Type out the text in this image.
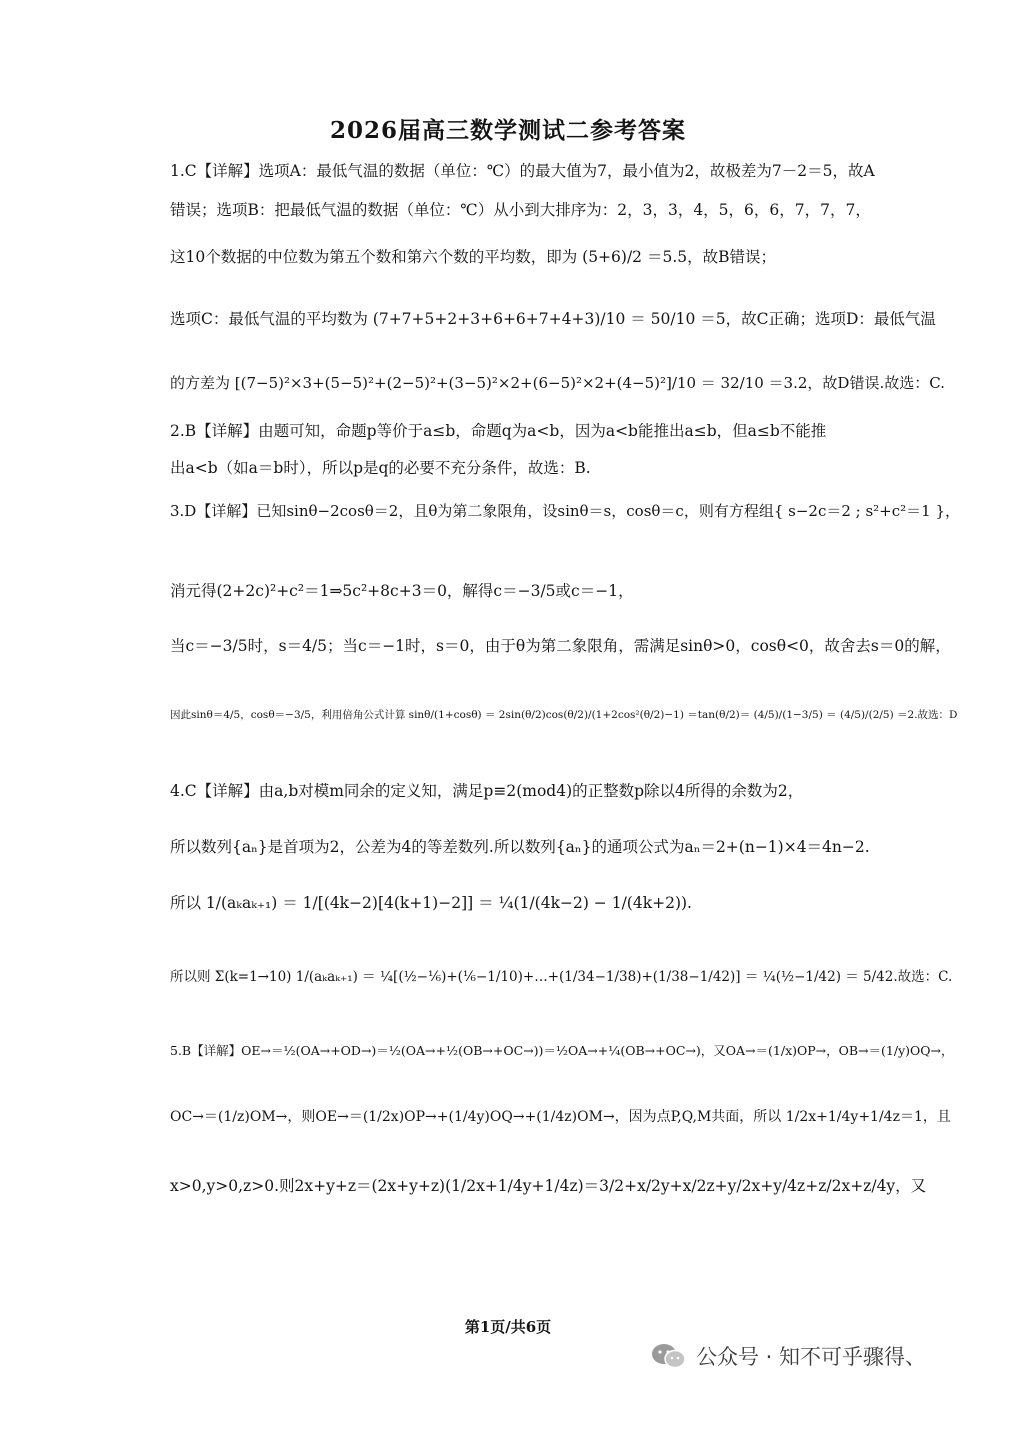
2026届高三数学测试二参考答案
1.C【详解】选项A：最低气温的数据（单位：℃）的最大值为7，最小值为2，故极差为7－2＝5，故A
错误；选项B：把最低气温的数据（单位：℃）从小到大排序为：2，3，3，4，5，6，6，7，7，7，
这10个数据的中位数为第五个数和第六个数的平均数，即为 (5+6)/2 ＝5.5，故B错误；
选项C：最低气温的平均数为 (7+7+5+2+3+6+6+7+4+3)/10 ＝ 50/10 ＝5，故C正确；选项D：最低气温
的方差为 [(7−5)²×3+(5−5)²+(2−5)²+(3−5)²×2+(6−5)²×2+(4−5)²]/10 ＝ 32/10 ＝3.2，故D错误.故选：C.
2.B【详解】由题可知，命题p等价于a≤b，命题q为a<b，因为a<b能推出a≤b，但a≤b不能推
出a<b（如a＝b时），所以p是q的必要不充分条件，故选：B.
3.D【详解】已知sinθ−2cosθ＝2，且θ为第二象限角，设sinθ＝s，cosθ＝c，则有方程组{ s−2c＝2 ; s²+c²＝1 }，
消元得(2+2c)²+c²＝1⇒5c²+8c+3＝0，解得c＝−3/5或c＝−1，
当c＝−3/5时，s＝4/5；当c＝−1时，s＝0，由于θ为第二象限角，需满足sinθ>0，cosθ<0，故舍去s＝0的解，
因此sinθ＝4/5，cosθ＝−3/5，利用倍角公式计算 sinθ/(1+cosθ) ＝ 2sin(θ/2)cos(θ/2)/(1+2cos²(θ/2)−1) ＝tan(θ/2)＝ (4/5)/(1−3/5) ＝ (4/5)/(2/5) ＝2.故选：D
4.C【详解】由a,b对模m同余的定义知，满足p≡2(mod4)的正整数p除以4所得的余数为2，
所以数列{aₙ}是首项为2，公差为4的等差数列.所以数列{aₙ}的通项公式为aₙ＝2+(n−1)×4＝4n−2.
所以 1/(aₖaₖ₊₁) ＝ 1/[(4k−2)[4(k+1)−2]] ＝ ¼(1/(4k−2) − 1/(4k+2)).
所以则 Σ(k=1→10) 1/(aₖaₖ₊₁) ＝ ¼[(½−⅙)+(⅙−1/10)+…+(1/34−1/38)+(1/38−1/42)] ＝ ¼(½−1/42) ＝ 5/42.故选：C.
5.B【详解】OE→＝½(OA→+OD→)＝½(OA→+½(OB→+OC→))＝½OA→+¼(OB→+OC→)，又OA→＝(1/x)OP→，OB→＝(1/y)OQ→，
OC→＝(1/z)OM→，则OE→＝(1/2x)OP→+(1/4y)OQ→+(1/4z)OM→，因为点P,Q,M共面，所以 1/2x+1/4y+1/4z＝1，且
x>0,y>0,z>0.则2x+y+z＝(2x+y+z)(1/2x+1/4y+1/4z)＝3/2+x/2y+x/2z+y/2x+y/4z+z/2x+z/4y，又
第1页/共6页
公众号 · 知不可乎骤得、
